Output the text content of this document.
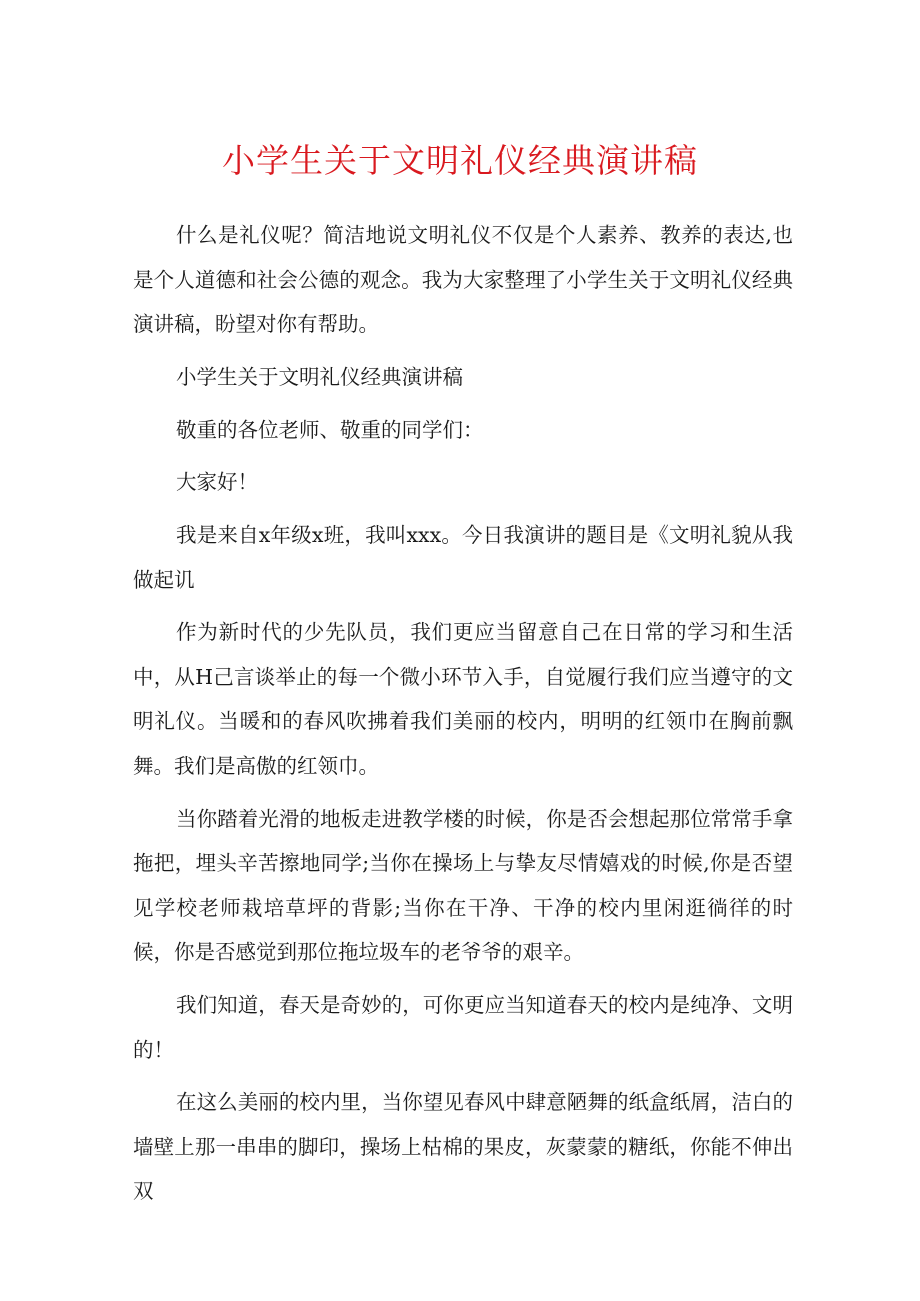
小学生关于文明礼仪经典演讲稿

什么是礼仪呢？简洁地说文明礼仪不仅是个人素养、教养的表达,也是个人道德和社会公德的观念。我为大家整理了小学生关于文明礼仪经典演讲稿，盼望对你有帮助。

小学生关于文明礼仪经典演讲稿

敬重的各位老师、敬重的同学们：

大家好！

我是来自x年级x班，我叫xxx。今日我演讲的题目是《文明礼貌从我做起讥

作为新时代的少先队员，我们更应当留意自己在日常的学习和生活中，从H己言谈举止的每一个微小环节入手，自觉履行我们应当遵守的文明礼仪。当暖和的春风吹拂着我们美丽的校内，明明的红领巾在胸前飘舞。我们是高傲的红领巾。

当你踏着光滑的地板走进教学楼的时候，你是否会想起那位常常手拿拖把，埋头辛苦擦地同学;当你在操场上与挚友尽情嬉戏的时候,你是否望见学校老师栽培草坪的背影;当你在干净、干净的校内里闲逛徜徉的时候，你是否感觉到那位拖垃圾车的老爷爷的艰辛。

我们知道，春天是奇妙的，可你更应当知道春天的校内是纯净、文明的！

在这么美丽的校内里，当你望见春风中肆意陋舞的纸盒纸屑，洁白的墙壁上那一串串的脚印，操场上枯棉的果皮，灰蒙蒙的糖纸，你能不伸出双
